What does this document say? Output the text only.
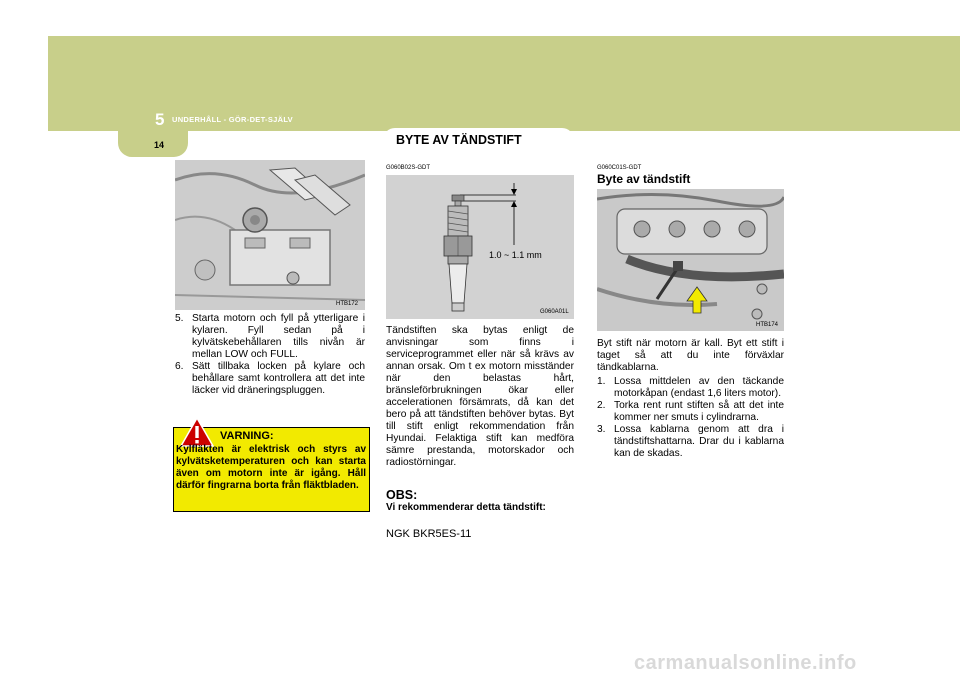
5 UNDERHÅLL - GÖR-DET-SJÄLV
14	BYTE AV TÄNDSTIFT
HTB172
5. Starta motorn och fyll på ytterligare i kylaren. Fyll sedan på i kylvätskebehållaren tills nivån är mellan LOW och FULL.
6. Sätt tillbaka locken på kylare och behållare samt kontrollera att det inte läcker vid dräneringspluggen.
VARNING:
Kylfläkten är elektrisk och styrs av kylvätsketemperaturen och kan starta även om motorn inte är igång. Håll därför fingrarna borta från fläktbladen.
G060B02S-GDT
1.0 ~ 1.1 mm
G060A01L
Tändstiften ska bytas enligt de anvisningar som finns i serviceprogrammet eller när så krävs av annan orsak. Om t ex motorn misständer när den belastas hårt, bränsleförbrukningen ökar eller accelerationen försämrats, då kan det bero på att tändstiften behöver bytas. Byt till stift enligt rekommendation från Hyundai. Felaktiga stift kan medföra sämre prestanda, motorskador och radiostörningar.
OBS:
Vi rekommenderar detta tändstift:
NGK BKR5ES-11
G060C01S-GDT
Byte av tändstift
HTB174
Byt stift när motorn är kall. Byt ett stift i taget så att du inte förväxlar tändkablarna.
1. Lossa mittdelen av den täckande motorkåpan (endast 1,6 liters motor).
2. Torka rent runt stiften så att det inte kommer ner smuts i cylindrarna.
3. Lossa kablarna genom att dra i tändstiftshattarna. Drar du i kablarna kan de skadas.
carmanualsonline.info
